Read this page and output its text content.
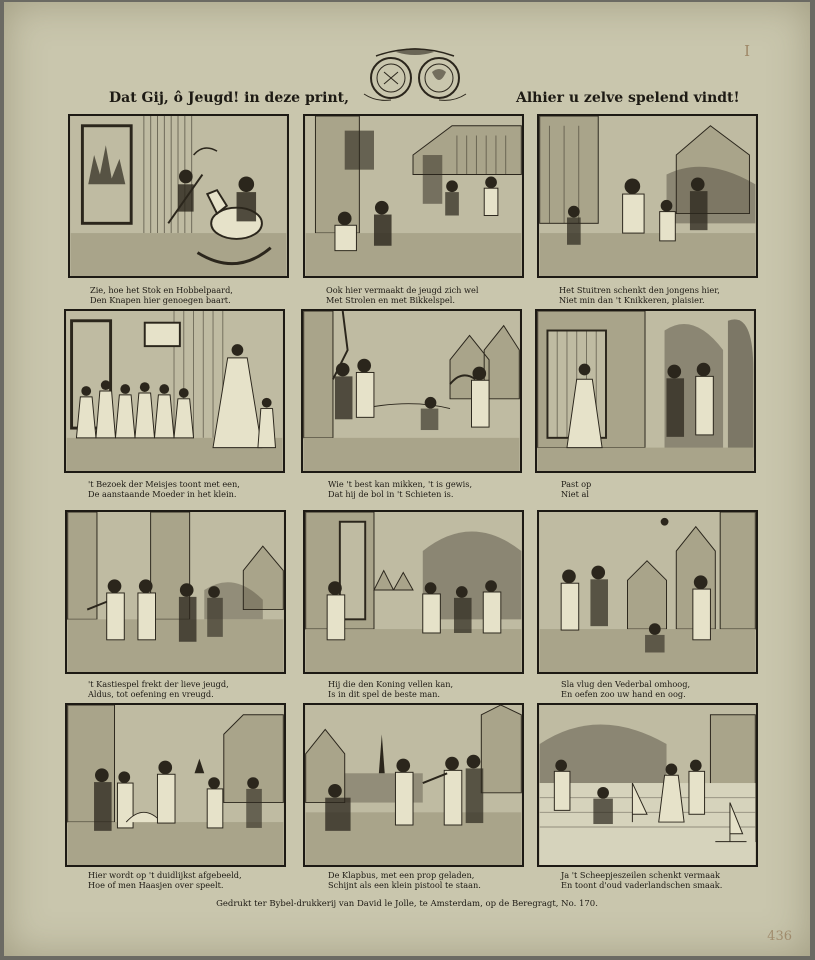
I
Dat Gij, ô Jeugd! in deze print,	Alhier u zelve spelend vindt!
Zie, hoe het Stok en Hobbelpaard,
Den Knapen hier genoegen baart.
Ook hier vermaakt de jeugd zich wel
Met Strolen en met Bikkelspel.
Het Stuitren schenkt den jongens hier,
Niet min dan 't Knikkeren, plaisier.
't Bezoek der Meisjes toont met een,
De aanstaande Moeder in het klein.
Wie 't best kan mikken, 't is gewis,
Dat hij de bol in 't Schieten is.
Past op
Niet al
't Kastiespel frekt der lieve jeugd,
Aldus, tot oefening en vreugd.
Hij die den Koning vellen kan,
Is in dit spel de beste man.
Sla vlug den Vederbal omhoog,
En oefen zoo uw hand en oog.
Hier wordt op 't duidlijkst afgebeeld,
Hoe of men Haasjen over speelt.
De Klapbus, met een prop geladen,
Schijnt als een klein pistool te staan.
Ja 't Scheepjeszeilen schenkt vermaak
En toont d'oud vaderlandschen smaak.
Gedrukt ter Bybel-drukkerij van David le Jolle, te Amsterdam, op de Beregragt, No. 170.
436
